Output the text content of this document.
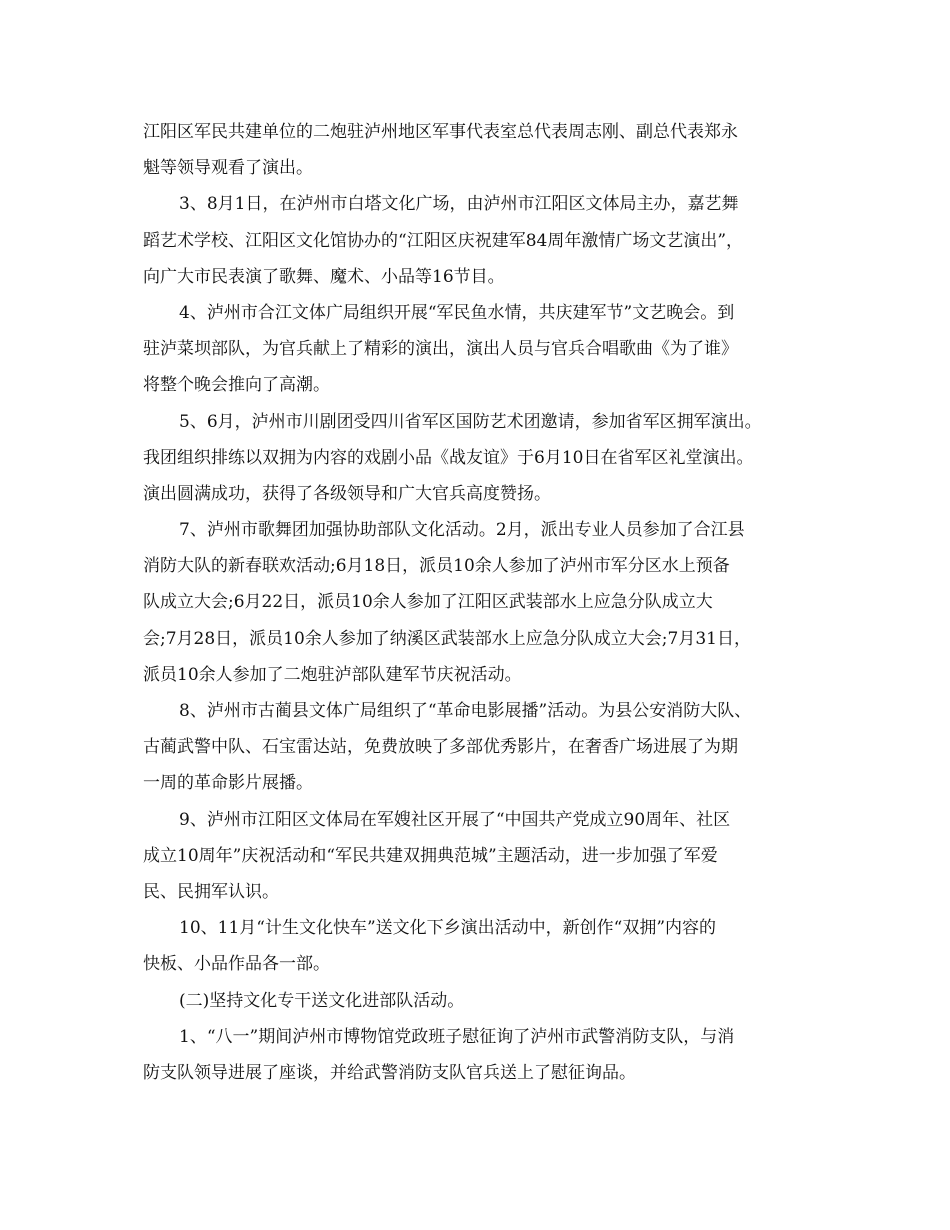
江阳区军民共建单位的二炮驻泸州地区军事代表室总代表周志刚、副总代表郑永
魁等领导观看了演出。
3、8月1日，在泸州市白塔文化广场，由泸州市江阳区文体局主办，嘉艺舞
蹈艺术学校、江阳区文化馆协办的“江阳区庆祝建军84周年激情广场文艺演出”，
向广大市民表演了歌舞、魔术、小品等16节目。
4、泸州市合江文体广局组织开展“军民鱼水情，共庆建军节”文艺晚会。到
驻泸菜坝部队，为官兵献上了精彩的演出，演出人员与官兵合唱歌曲《为了谁》
将整个晚会推向了高潮。
5、6月，泸州市川剧团受四川省军区国防艺术团邀请，参加省军区拥军演出。
我团组织排练以双拥为内容的戏剧小品《战友谊》于6月10日在省军区礼堂演出。
演出圆满成功，获得了各级领导和广大官兵高度赞扬。
7、泸州市歌舞团加强协助部队文化活动。2月，派出专业人员参加了合江县
消防大队的新春联欢活动;6月18日，派员10余人参加了泸州市军分区水上预备
队成立大会;6月22日，派员10余人参加了江阳区武装部水上应急分队成立大
会;7月28日，派员10余人参加了纳溪区武装部水上应急分队成立大会;7月31日，
派员10余人参加了二炮驻泸部队建军节庆祝活动。
8、泸州市古蔺县文体广局组织了“革命电影展播”活动。为县公安消防大队、
古蔺武警中队、石宝雷达站，免费放映了多部优秀影片，在奢香广场进展了为期
一周的革命影片展播。
9、泸州市江阳区文体局在军嫂社区开展了“中国共产党成立90周年、社区
成立10周年”庆祝活动和“军民共建双拥典范城”主题活动，进一步加强了军爱
民、民拥军认识。
10、11月“计生文化快车”送文化下乡演出活动中，新创作“双拥”内容的
快板、小品作品各一部。
(二)坚持文化专干送文化进部队活动。
1、“八一”期间泸州市博物馆党政班子慰征询了泸州市武警消防支队，与消
防支队领导进展了座谈，并给武警消防支队官兵送上了慰征询品。
